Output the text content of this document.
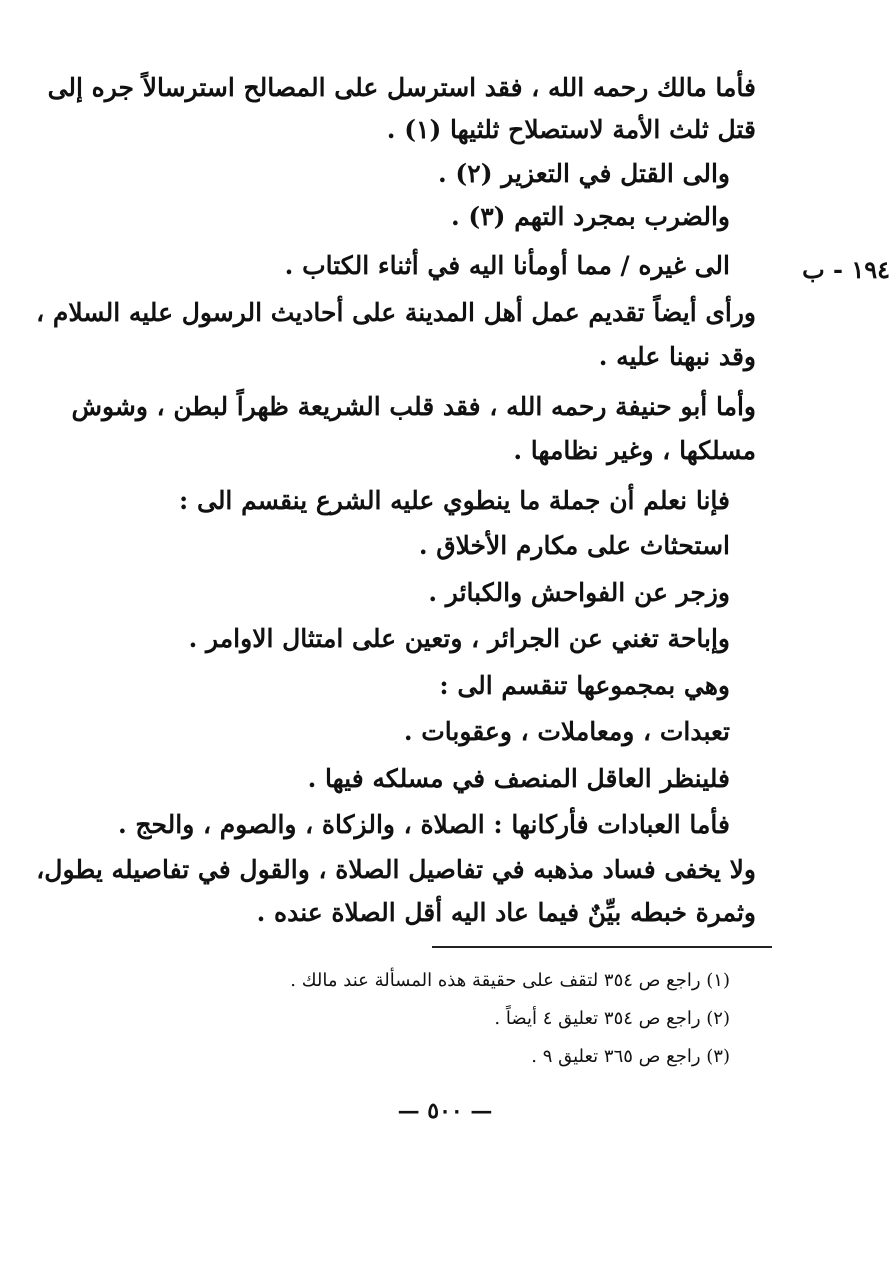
١٩٤ - ب
فأما مالك رحمه الله ، فقد استرسل على المصالح استرسالاً جره إلى
قتل ثلث الأمة لاستصلاح ثلثيها (١) .
والى القتل في التعزير (٢) .
والضرب بمجرد التهم (٣) .
الى غيره / مما أومأنا اليه في أثناء الكتاب .
ورأى أيضاً تقديم عمل أهل المدينة على أحاديث الرسول عليه السلام ،
وقد نبهنا عليه .
وأما أبو حنيفة رحمه الله ، فقد قلب الشريعة ظهراً لبطن ، وشوش
مسلكها ، وغير نظامها .
فإنا نعلم أن جملة ما ينطوي عليه الشرع ينقسم الى :
استحثاث على مكارم الأخلاق .
وزجر عن الفواحش والكبائر .
وإباحة تغني عن الجرائر ، وتعين على امتثال الاوامر .
وهي بمجموعها تنقسم الى :
تعبدات ، ومعاملات ، وعقوبات .
فلينظر العاقل المنصف في مسلكه فيها .
فأما العبادات فأركانها : الصلاة ، والزكاة ، والصوم ، والحج .
ولا يخفى فساد مذهبه في تفاصيل الصلاة ، والقول في تفاصيله يطول،
وثمرة خبطه بيِّنٌ فيما عاد اليه أقل الصلاة عنده .
(١) راجع ص ٣٥٤ لتقف على حقيقة هذه المسألة عند مالك .
(٢) راجع ص ٣٥٤ تعليق ٤ أيضاً .
(٣) راجع ص ٣٦٥ تعليق ٩ .
— ٥٠٠ —
